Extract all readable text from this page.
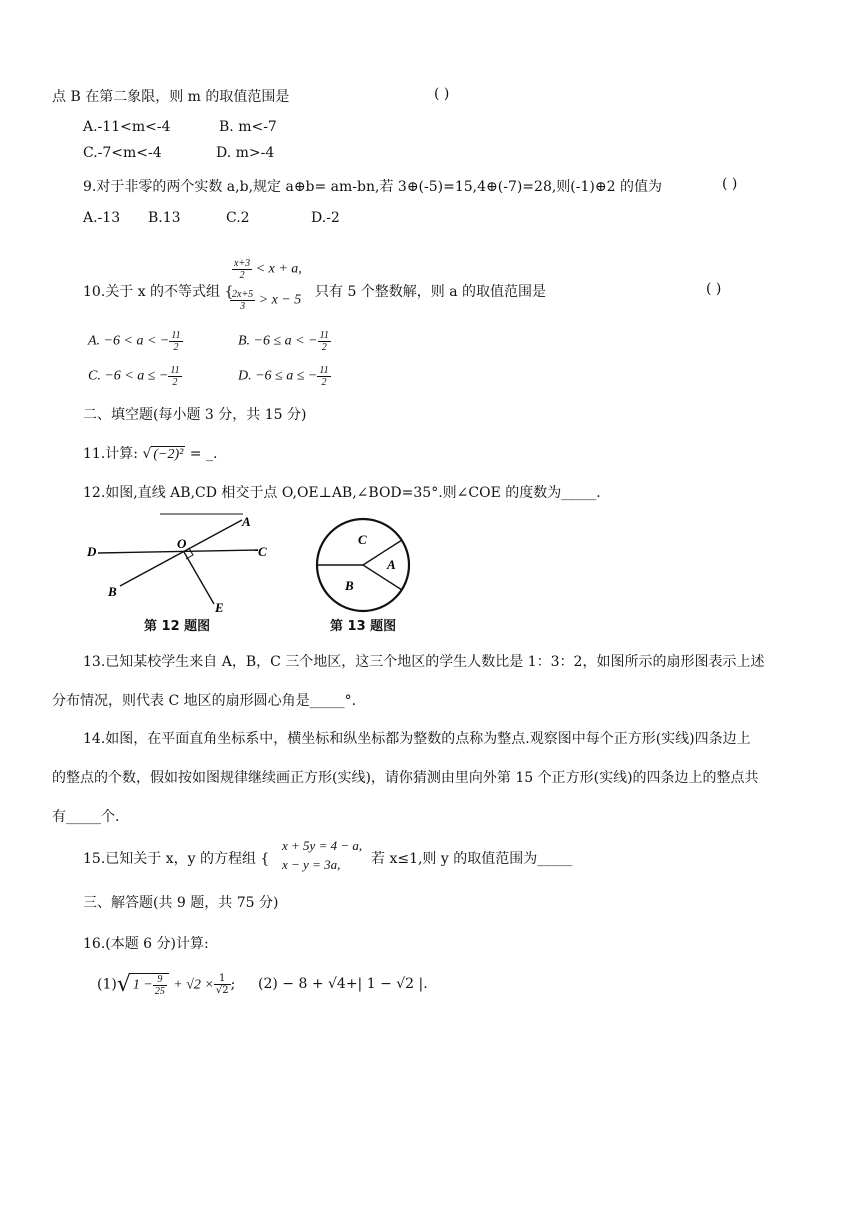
点 B 在第二象限，则 m 的取值范围是	( )
A.-11<m<-4	B. m<-7
C.-7<m<-4	D. m>-4
9.对于非零的两个实数 a,b,规定 a⊕b= am-bn,若 3⊕(-5)=15,4⊕(-7)=28,则(-1)⊕2 的值为	( )
A.-13 B.13	C.2	D.-2
10.关于 x 的不等式组 {
$\frac{x+3}{2} < x + a$,
$\frac{2x+5}{3} > x - 5$
只有 5 个整数解，则 a 的取值范围是	( )
A. −6 < a < − $\frac{11}{2}$	B. −6 ≤ a < − $\frac{11}{2}$
C. −6 < a ≤ − $\frac{11}{2}$	D. −6 ≤ a ≤ − $\frac{11}{2}$
二、填空题(每小题 3 分，共 15 分)
11.计算: √ (−2)² = _.
12.如图,直线 AB,CD 相交于点 O,OE⊥AB,∠BOD=35°.则∠COE 的度数为_____.
A
D
O
C
B
E
第 12 题图
C
A
B
第 13 题图
13.已知某校学生来自 A，B，C 三个地区，这三个地区的学生人数比是 1：3：2，如图所示的扇形图表示上述
分布情况，则代表 C 地区的扇形圆心角是_____°.
14.如图，在平面直角坐标系中，横坐标和纵坐标都为整数的点称为整点.观察图中每个正方形(实线)四条边上
的整点的个数，假如按如图规律继续画正方形(实线)，请你猜测由里向外第 15 个正方形(实线)的四条边上的整点共
有_____个.
15.已知关于 x，y 的方程组 {
x + 5y = 4 − a,
x − y = 3a, 若 x≤1,则 y 的取值范围为_____
三、解答题(共 9 题，共 75 分)
16.(本题 6 分)计算:
(1)√ $1 - \frac{9}{25} + √2 \times \frac{1}{√2}$ ; (2) − 8 + √4+| 1 − √2 |.
